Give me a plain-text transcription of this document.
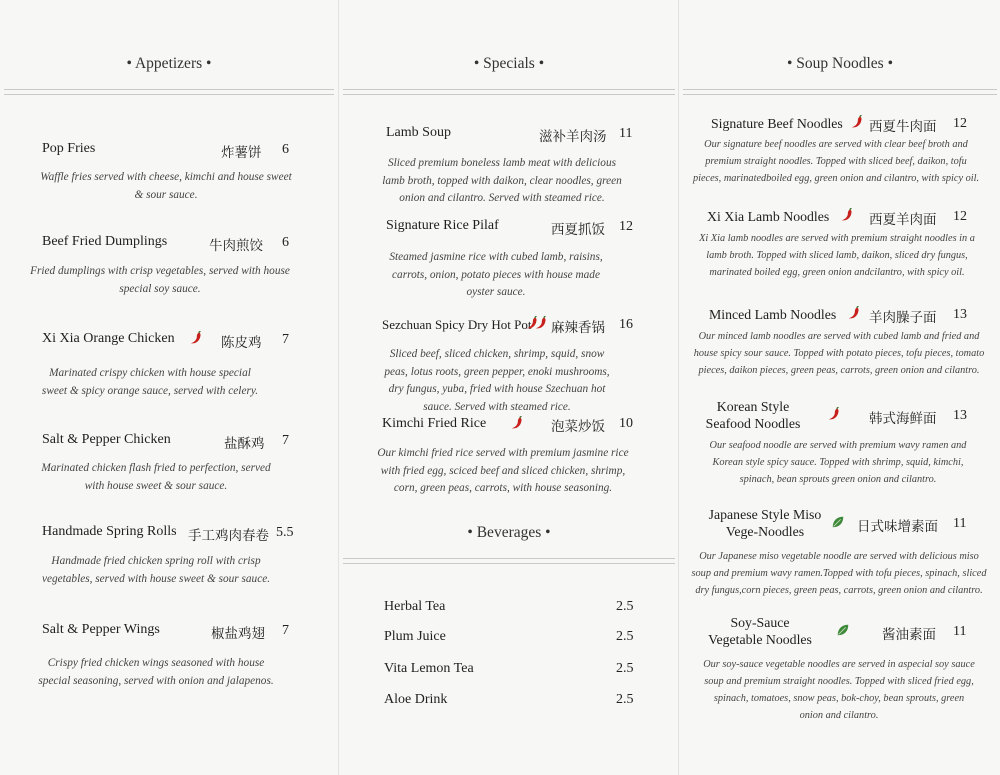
• Appetizers •
Pop Fries	炸薯饼 6
Waffle fries served with cheese, kimchi and house sweet & sour sauce.
Beef Fried Dumplings	牛肉煎饺 6
Fried dumplings with crisp vegetables, served with house special soy sauce.
Xi Xia Orange Chicken	陈皮鸡 7
Marinated crispy chicken with house special sweet & spicy orange sauce, served with celery.
Salt & Pepper Chicken	盐酥鸡 7
Marinated chicken flash fried to perfection, served with house sweet & sour sauce.
Handmade Spring Rolls 手工鸡肉春卷 5.5
Handmade fried chicken spring roll with crisp vegetables, served with house sweet & sour sauce.
Salt & Pepper Wings	椒盐鸡翅 7
Crispy fried chicken wings seasoned with house special seasoning, served with onion and jalapenos.
• Specials •
Lamb Soup	滋补羊肉汤 11
Sliced premium boneless lamb meat with delicious lamb broth, topped with daikon, clear noodles, green onion and cilantro. Served with steamed rice.
Signature Rice Pilaf	西夏抓饭 12
Steamed jasmine rice with cubed lamb, raisins, carrots, onion, potato pieces with house made oyster sauce.
Sezchuan Spicy Dry Hot Pot 麻辣香锅 16
Sliced beef, sliced chicken, shrimp, squid, snow peas, lotus roots, green pepper, enoki mushrooms, dry fungus, yuba, fried with house Szechuan hot sauce. Served with steamed rice.
Kimchi Fried Rice	泡菜炒饭 10
Our kimchi fried rice served with premium jasmine rice with fried egg, sciced beef and sliced chicken, shrimp, corn, green peas, carrots, with house seasoning.
• Beverages •
Herbal Tea	2.5
Plum Juice	2.5
Vita Lemon Tea	2.5
Aloe Drink	2.5
• Soup Noodles •
Signature Beef Noodles 西夏牛肉面 12
Our signature beef noodles are served with clear beef broth and premium straight noodles. Topped with sliced beef, daikon, tofu pieces, marinatedboiled egg, green onion and cilantro, with spicy oil.
Xi Xia Lamb Noodles	西夏羊肉面 12
Xi Xia lamb noodles are served with premium straight noodles in a lamb broth. Topped with sliced lamb, daikon, sliced dry fungus, marinated boiled egg, green onion andcilantro, with spicy oil.
Minced Lamb Noodles 羊肉臊子面 13
Our minced lamb noodles are served with cubed lamb and fried and house spicy sour sauce. Topped with potato pieces, tofu pieces, tomato pieces, daikon pieces, green peas, carrots, green onion and cilantro.
Korean Style Seafood Noodles	韩式海鲜面 13
Our seafood noodle are served with premium wavy ramen and Korean style spicy sauce. Topped with shrimp, squid, kimchi, spinach, bean sprouts green onion and cilantro.
Japanese Style Miso Vege-Noodles	日式味增素面 11
Our Japanese miso vegetable noodle are served with delicious miso soup and premium wavy ramen.Topped with tofu pieces, spinach, sliced dry fungus,corn pieces, green peas, carrots, green onion and cilantro.
Soy-Sauce Vegetable Noodles	酱油素面 11
Our soy-sauce vegetable noodles are served in aspecial soy sauce soup and premium straight noodles. Topped with sliced fried egg, spinach, tomatoes, snow peas, bok-choy, bean sprouts, green onion and cilantro.
